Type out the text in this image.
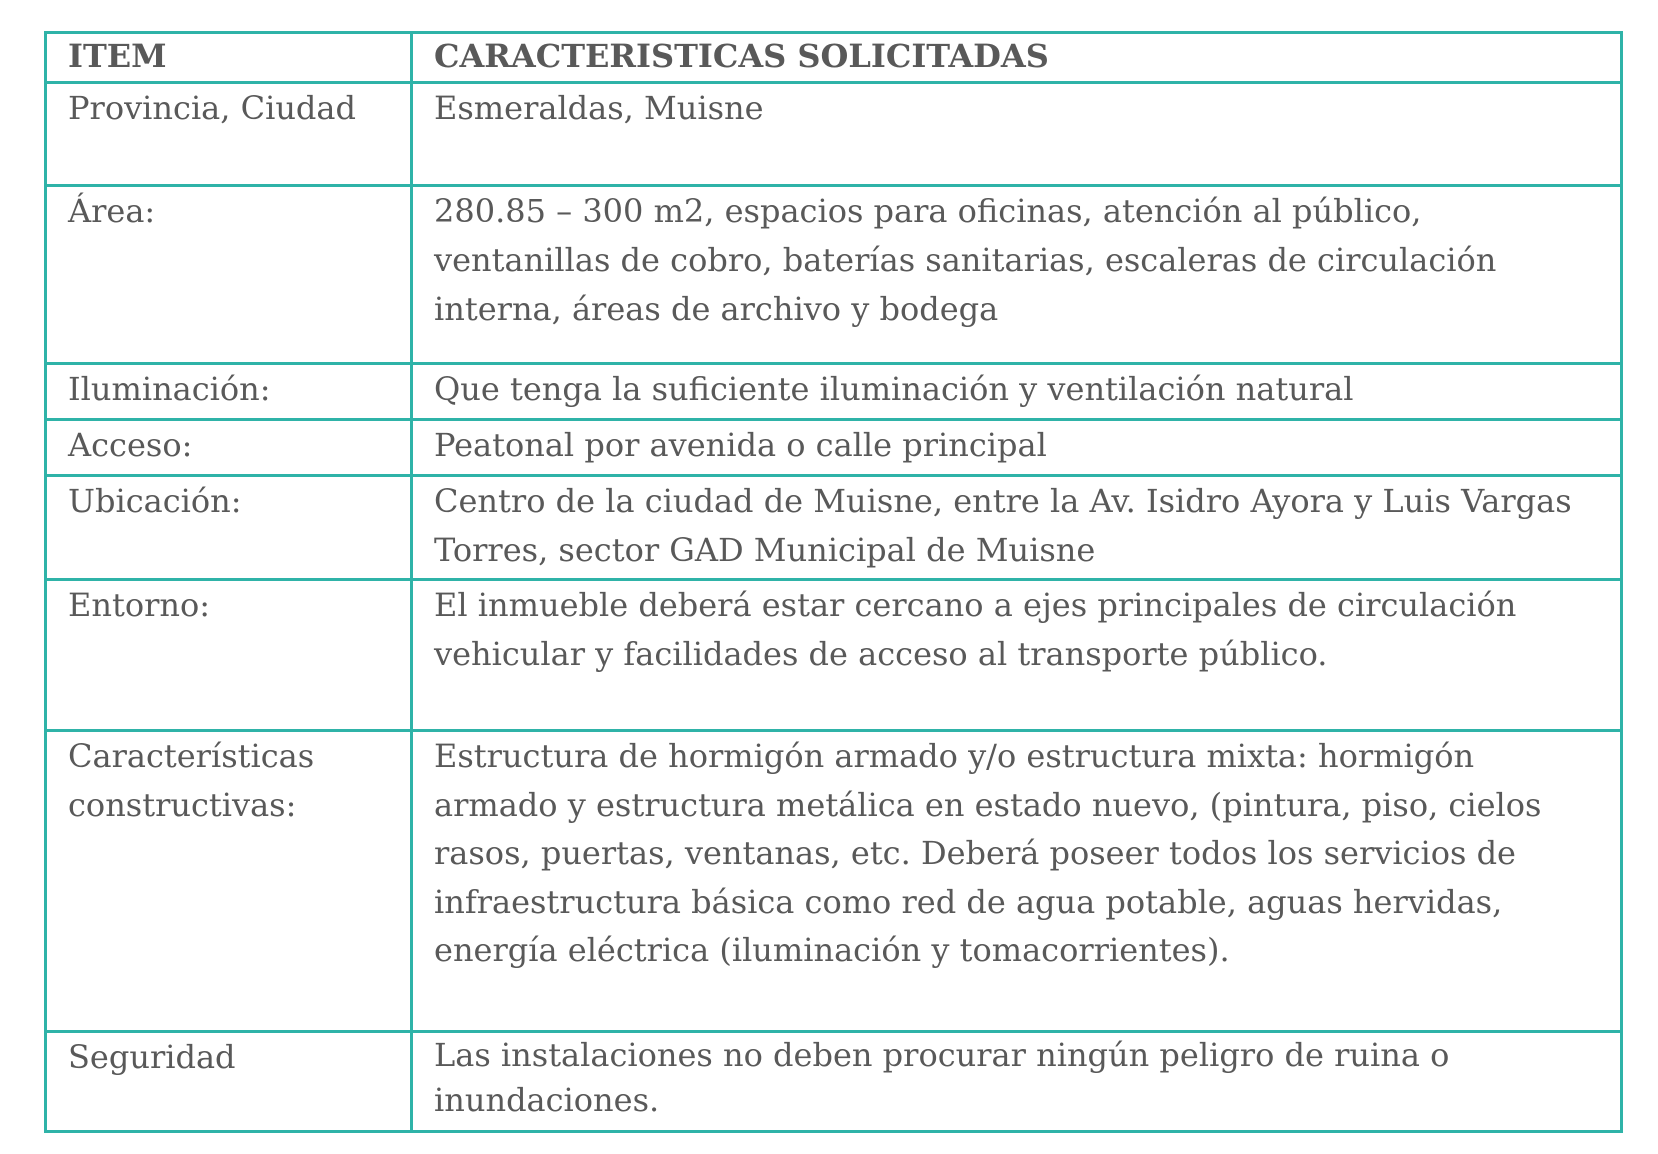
ITEM	CARACTERISTICAS SOLICITADAS
Provincia, Ciudad	Esmeraldas, Muisne
Área:	280.85 – 300 m2, espacios para oficinas, atención al público, ventanillas de cobro, baterías sanitarias, escaleras de circulación interna, áreas de archivo y bodega
Iluminación:	Que tenga la suficiente iluminación y ventilación natural
Acceso:	Peatonal por avenida o calle principal
Ubicación:	Centro de la ciudad de Muisne, entre la Av. Isidro Ayora y Luis Vargas Torres, sector GAD Municipal de Muisne
Entorno:	El inmueble deberá estar cercano a ejes principales de circulación vehicular y facilidades de acceso al transporte público.
Características constructivas:	Estructura de hormigón armado y/o estructura mixta: hormigón armado y estructura metálica en estado nuevo, (pintura, piso, cielos rasos, puertas, ventanas, etc. Deberá poseer todos los servicios de infraestructura básica como red de agua potable, aguas hervidas, energía eléctrica (iluminación y tomacorrientes).
Seguridad	Las instalaciones no deben procurar ningún peligro de ruina o inundaciones.
